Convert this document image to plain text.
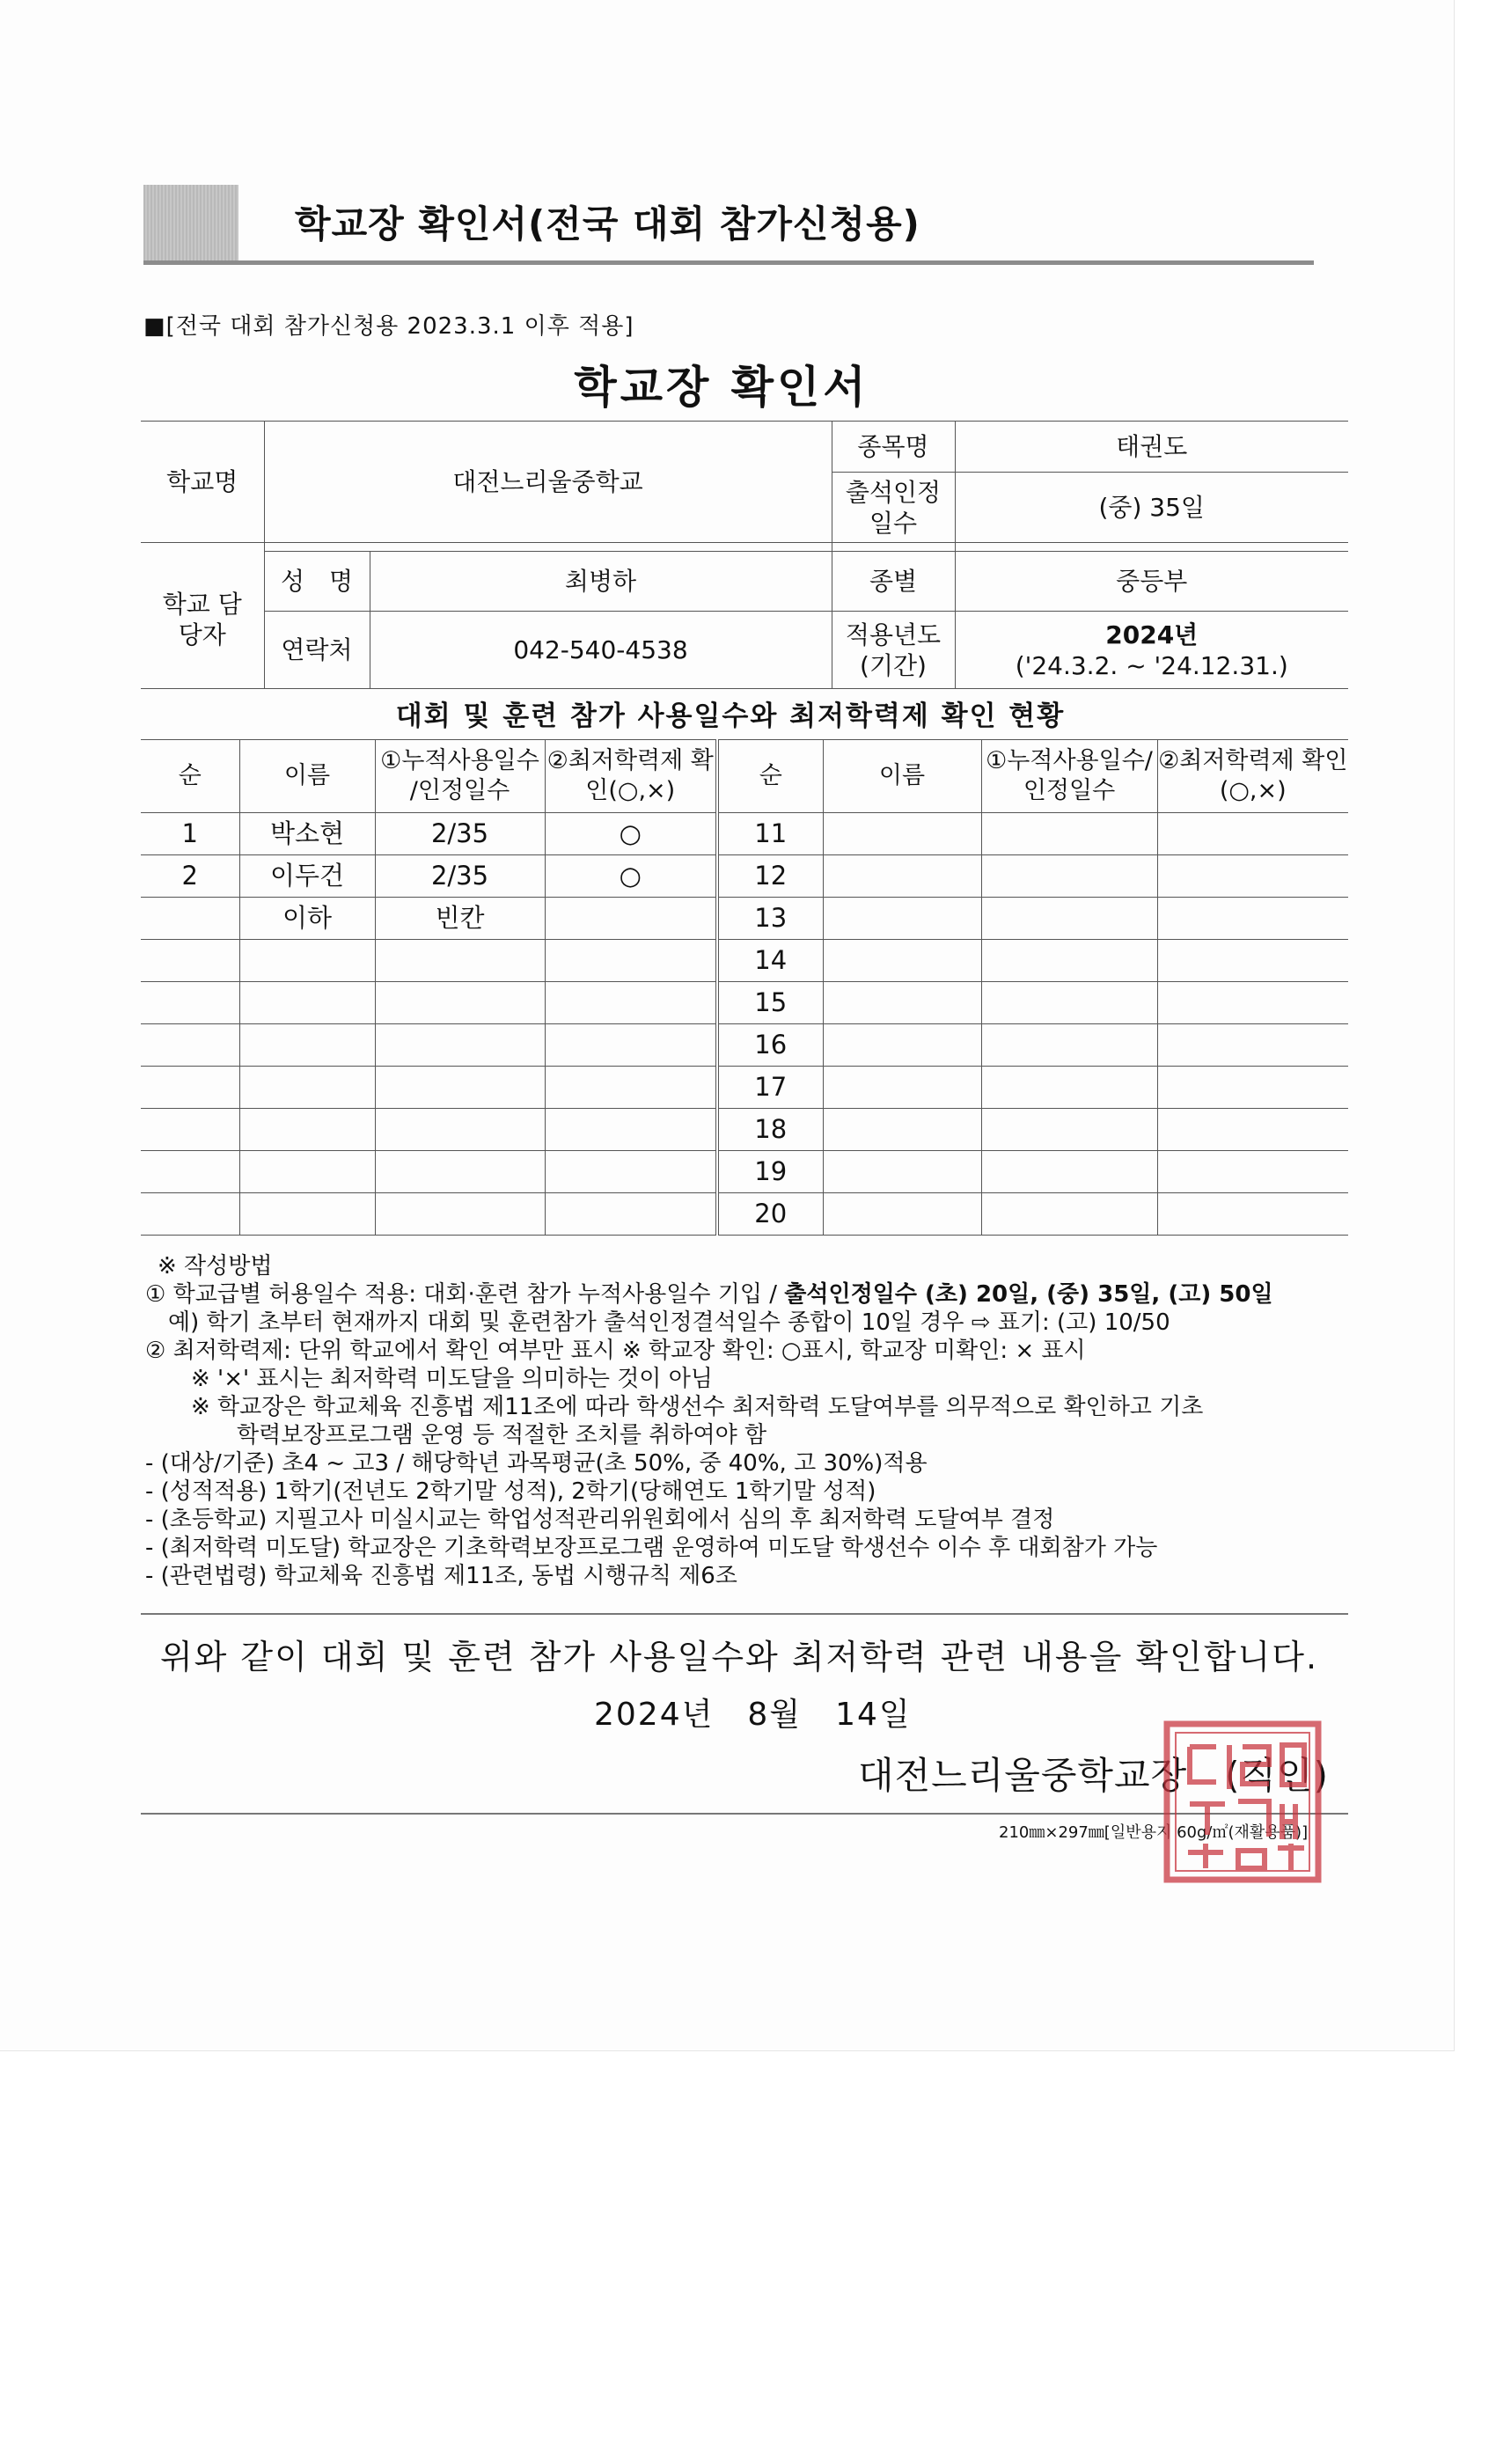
학교장 확인서(전국 대회 참가신청용)
■[전국 대회 참가신청용 2023.3.1 이후 적용]
학교장 확인서
학교명	대전느리울중학교		종목명	태권도
			출석인정 일수	(중) 35일

학교 담당자	성　명	최병하	종별	중등부
	연락처	042-540-4538	적용년도 (기간)	2024년
('24.3.2. ~ '24.12.31.)
대회 및 훈련 참가 사용일수와 최저학력제 확인 현황
순	이름	①누적사용일수 /인정일수	②최저학력제 확인(○,×)	순	이름	①누적사용일수/ 인정일수	②최저학력제 확인(○,×)
1	박소현	2/35	○	11			
2	이두건	2/35	○	12			
	이하	빈칸		13			
				14			
				15			
				16			
				17			
				18			
				19			
				20			
※ 작성방법
① 학교급별 허용일수 적용: 대회·훈련 참가 누적사용일수 기입 / 출석인정일수 (초) 20일, (중) 35일, (고) 50일
　예) 학기 초부터 현재까지 대회 및 훈련참가 출석인정결석일수 종합이 10일 경우 ⇨ 표기: (고) 10/50
② 최저학력제: 단위 학교에서 확인 여부만 표시 ※ 학교장 확인: ○표시, 학교장 미확인: × 표시
　　※ '×' 표시는 최저학력 미도달을 의미하는 것이 아님
　　※ 학교장은 학교체육 진흥법 제11조에 따라 학생선수 최저학력 도달여부를 의무적으로 확인하고 기초
　　　　학력보장프로그램 운영 등 적절한 조치를 취하여야 함
- (대상/기준) 초4 ~ 고3 / 해당학년 과목평균(초 50%, 중 40%, 고 30%)적용
- (성적적용) 1학기(전년도 2학기말 성적), 2학기(당해연도 1학기말 성적)
- (초등학교) 지필고사 미실시교는 학업성적관리위원회에서 심의 후 최저학력 도달여부 결정
- (최저학력 미도달) 학교장은 기초학력보장프로그램 운영하여 미도달 학생선수 이수 후 대회참가 가능
- (관련법령) 학교체육 진흥법 제11조, 동법 시행규칙 제6조
위와 같이 대회 및 훈련 참가 사용일수와 최저학력 관련 내용을 확인합니다.
2024년　8월　14일
대전느리울중학교장　(직인)
210㎜×297㎜[일반용지 60g/㎡(재활용품)]
